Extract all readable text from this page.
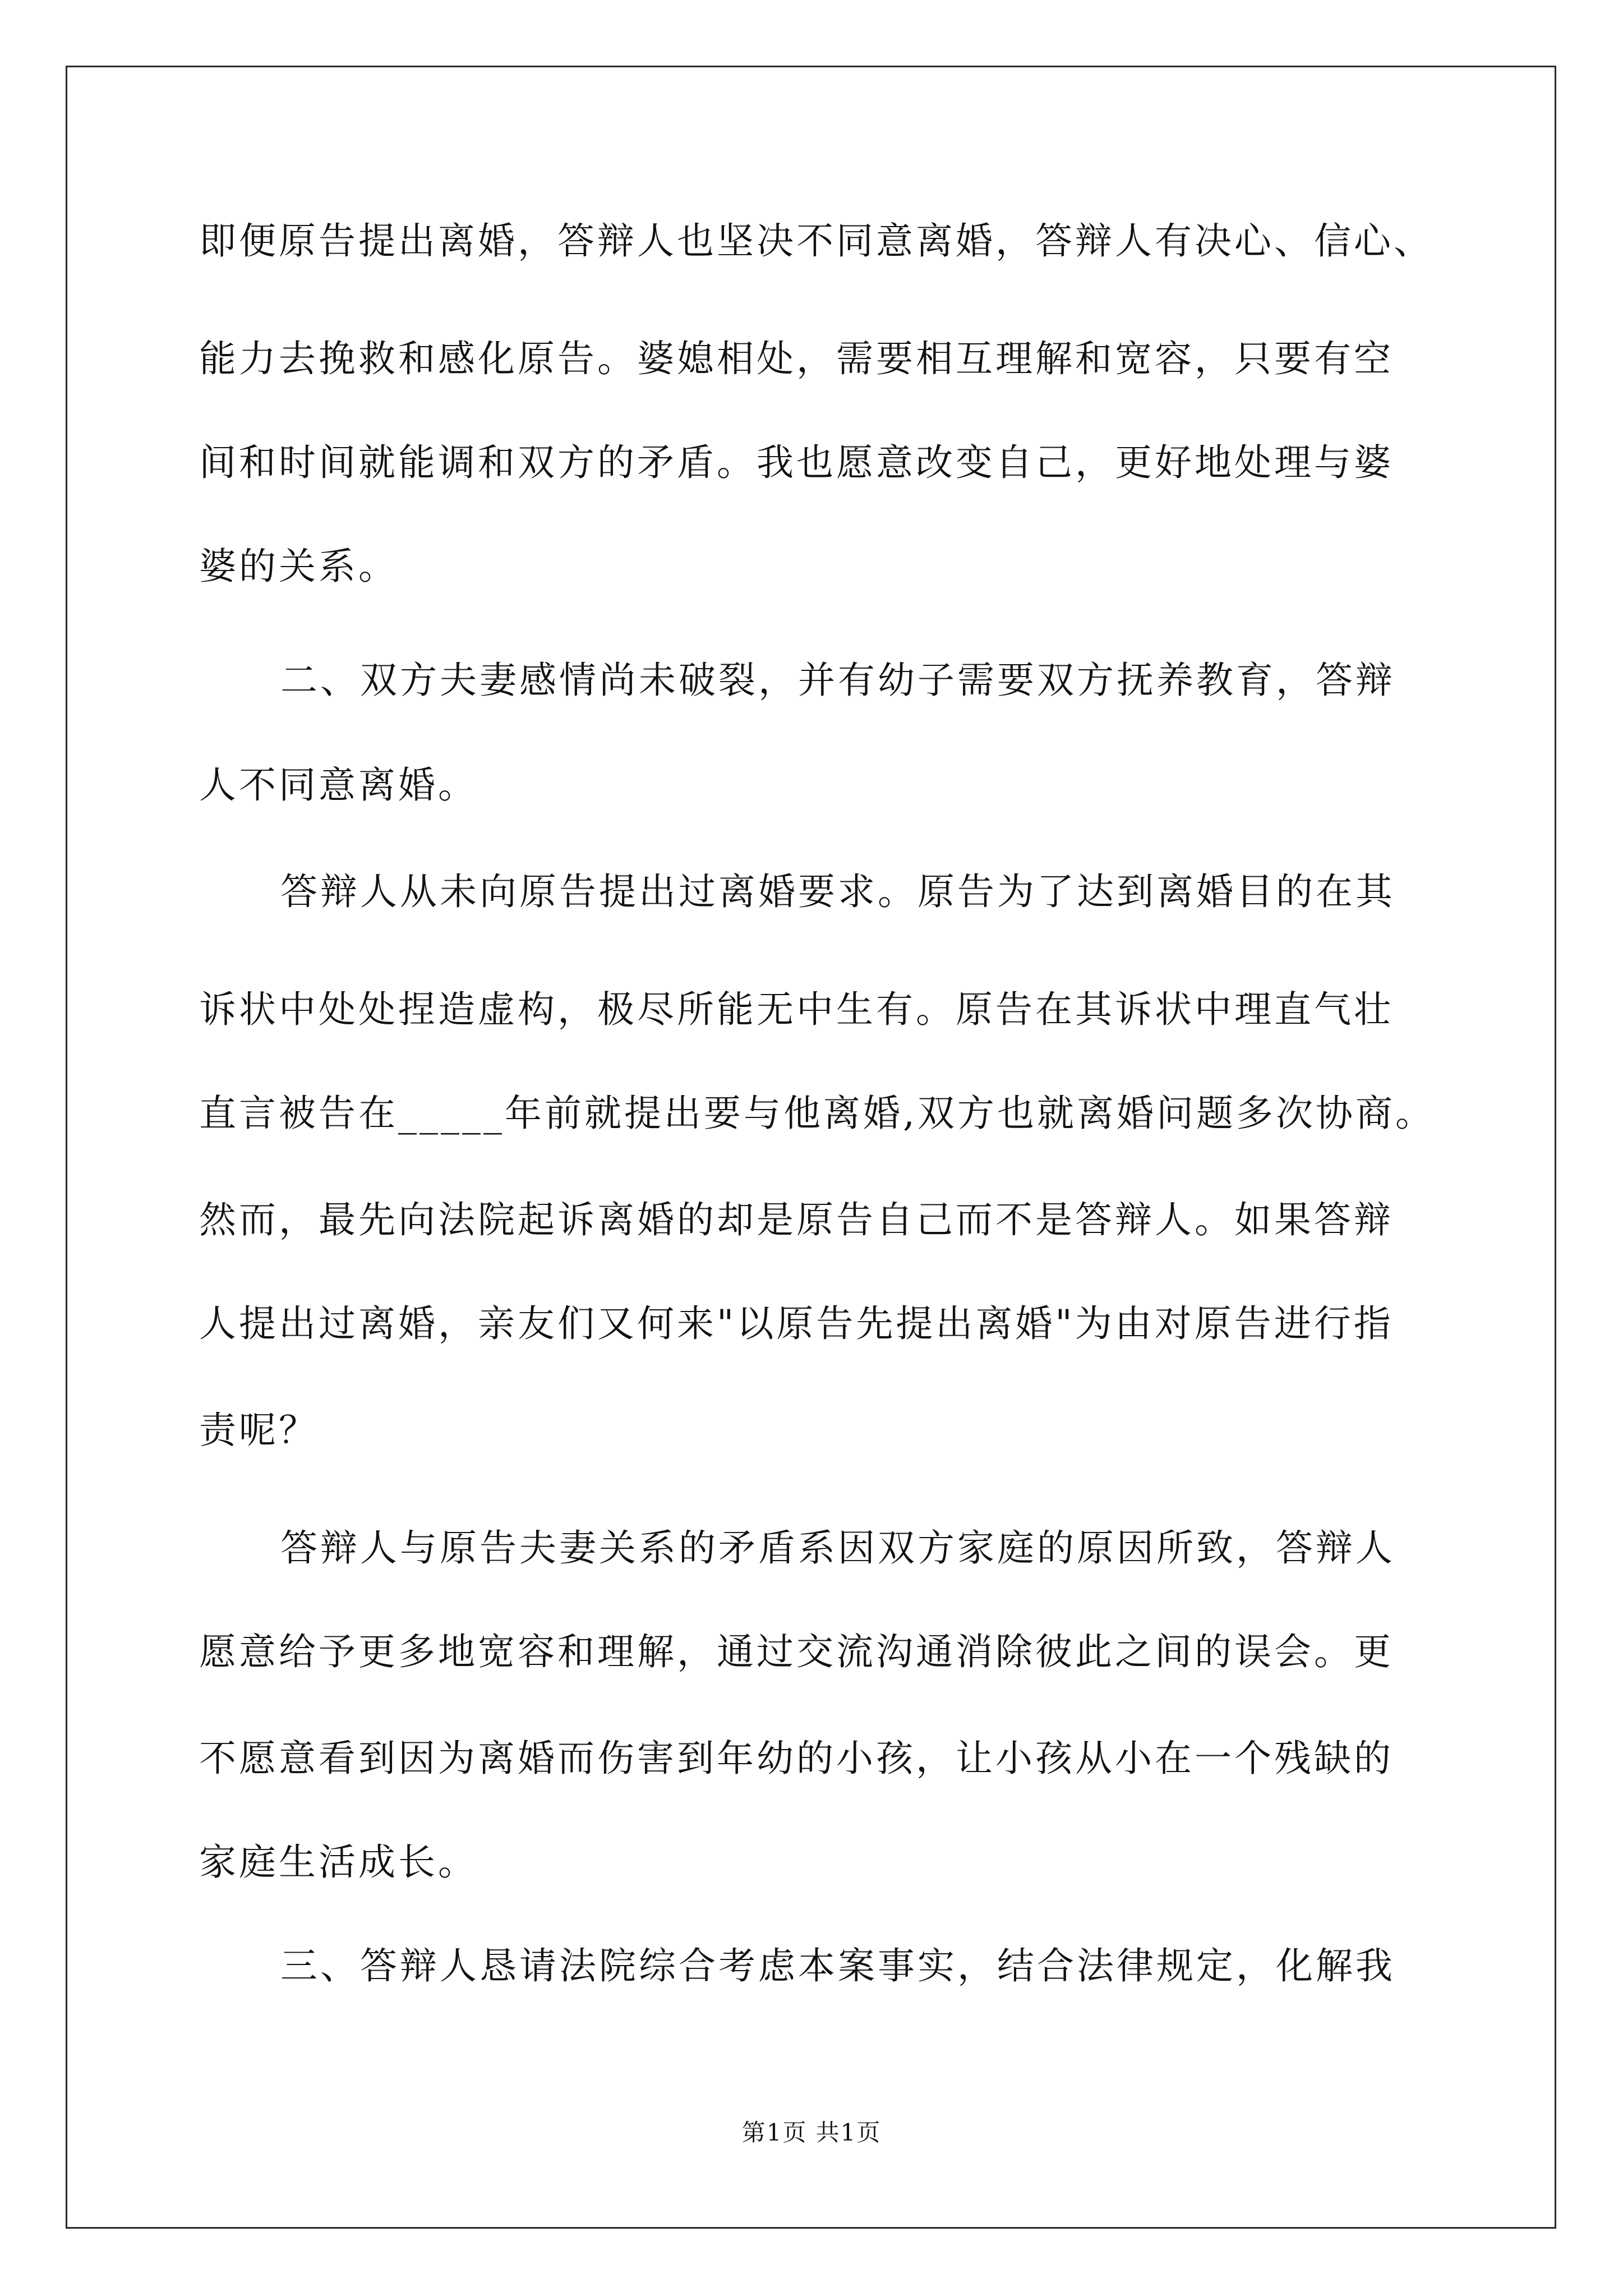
即便原告提出离婚，答辩人也坚决不同意离婚，答辩人有决心、信心、
能力去挽救和感化原告。婆媳相处，需要相互理解和宽容，只要有空
间和时间就能调和双方的矛盾。我也愿意改变自己，更好地处理与婆
婆的关系。
二、双方夫妻感情尚未破裂，并有幼子需要双方抚养教育，答辩
人不同意离婚。
答辩人从未向原告提出过离婚要求。原告为了达到离婚目的在其
诉状中处处捏造虚构，极尽所能无中生有。原告在其诉状中理直气壮
直言被告在_____年前就提出要与他离婚,双方也就离婚问题多次协商。
然而，最先向法院起诉离婚的却是原告自己而不是答辩人。如果答辩
人提出过离婚，亲友们又何来"以原告先提出离婚"为由对原告进行指
责呢？
答辩人与原告夫妻关系的矛盾系因双方家庭的原因所致，答辩人
愿意给予更多地宽容和理解，通过交流沟通消除彼此之间的误会。更
不愿意看到因为离婚而伤害到年幼的小孩，让小孩从小在一个残缺的
家庭生活成长。
三、答辩人恳请法院综合考虑本案事实，结合法律规定，化解我
第1页 共1页
